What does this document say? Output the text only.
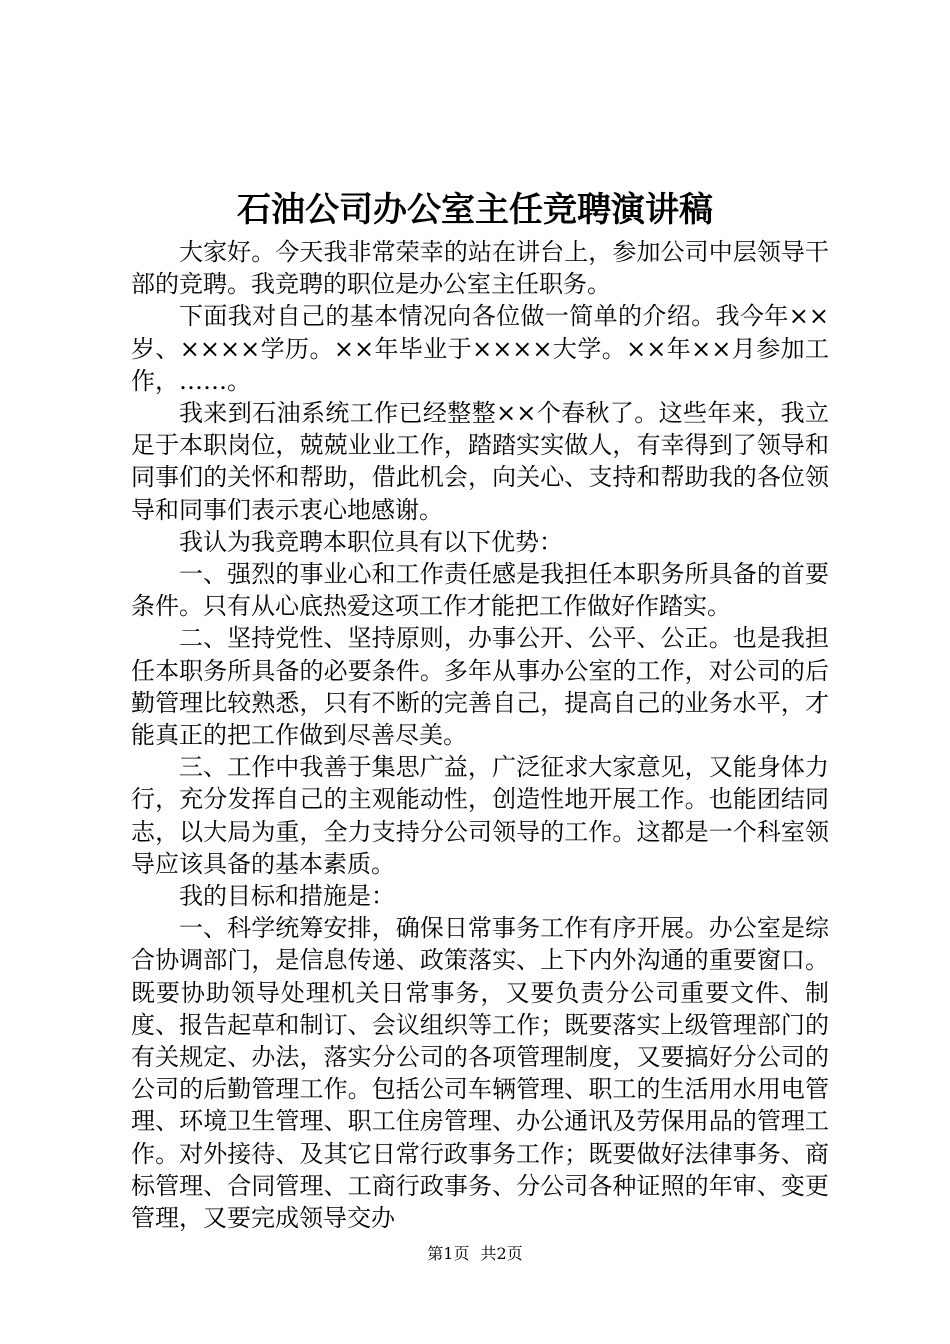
石油公司办公室主任竞聘演讲稿

大家好。今天我非常荣幸的站在讲台上，参加公司中层领导干部的竞聘。我竞聘的职位是办公室主任职务。

下面我对自己的基本情况向各位做一简单的介绍。我今年××岁、××××学历。××年毕业于××××大学。××年××月参加工作，……。

我来到石油系统工作已经整整××个春秋了。这些年来，我立足于本职岗位，兢兢业业工作，踏踏实实做人，有幸得到了领导和同事们的关怀和帮助，借此机会，向关心、支持和帮助我的各位领导和同事们表示衷心地感谢。

我认为我竞聘本职位具有以下优势：

一、强烈的事业心和工作责任感是我担任本职务所具备的首要条件。只有从心底热爱这项工作才能把工作做好作踏实。

二、坚持党性、坚持原则，办事公开、公平、公正。也是我担任本职务所具备的必要条件。多年从事办公室的工作，对公司的后勤管理比较熟悉，只有不断的完善自己，提高自己的业务水平，才能真正的把工作做到尽善尽美。

三、工作中我善于集思广益，广泛征求大家意见，又能身体力行，充分发挥自己的主观能动性，创造性地开展工作。也能团结同志，以大局为重，全力支持分公司领导的工作。这都是一个科室领导应该具备的基本素质。

我的目标和措施是：

一、科学统筹安排，确保日常事务工作有序开展。办公室是综合协调部门，是信息传递、政策落实、上下内外沟通的重要窗口。既要协助领导处理机关日常事务，又要负责分公司重要文件、制度、报告起草和制订、会议组织等工作；既要落实上级管理部门的有关规定、办法，落实分公司的各项管理制度，又要搞好分公司的公司的后勤管理工作。包括公司车辆管理、职工的生活用水用电管理、环境卫生管理、职工住房管理、办公通讯及劳保用品的管理工作。对外接待、及其它日常行政事务工作；既要做好法律事务、商标管理、合同管理、工商行政事务、分公司各种证照的年审、变更管理，又要完成领导交办

第1页 共2页
